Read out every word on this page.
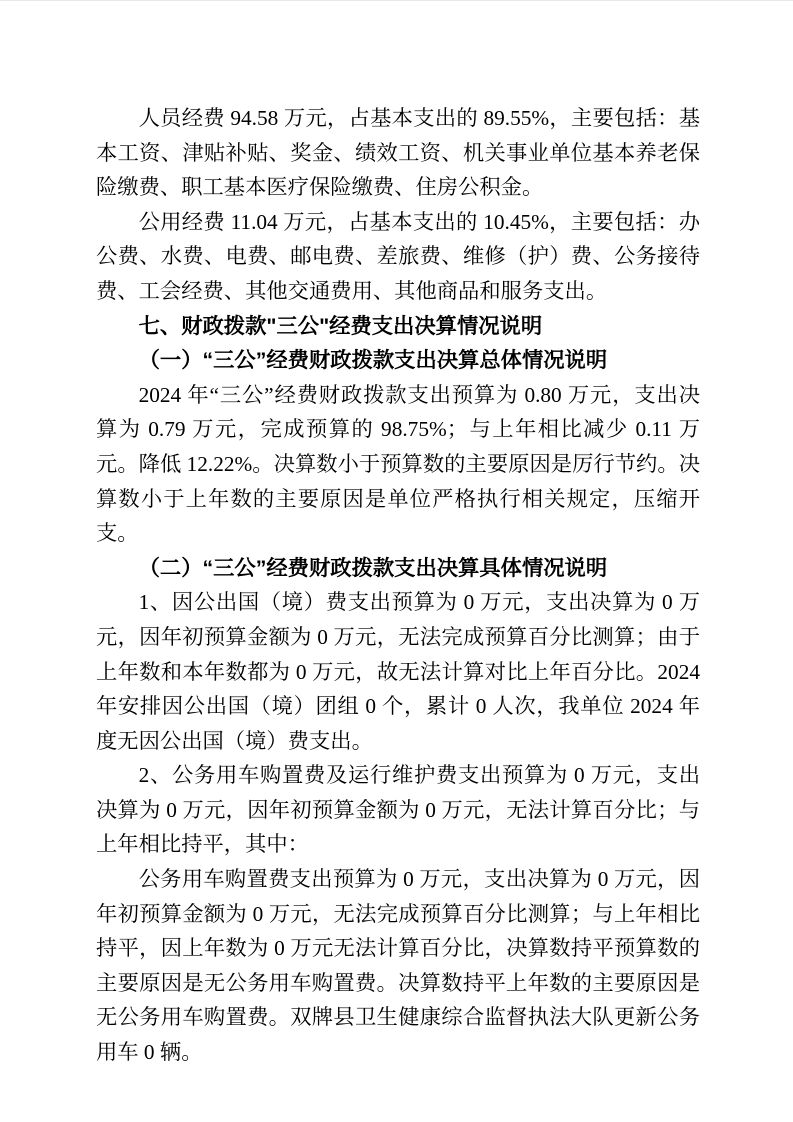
人员经费 94.58 万元，占基本支出的 89.55%，主要包括：基本工资、津贴补贴、奖金、绩效工资、机关事业单位基本养老保险缴费、职工基本医疗保险缴费、住房公积金。

公用经费 11.04 万元，占基本支出的 10.45%，主要包括：办公费、水费、电费、邮电费、差旅费、维修（护）费、公务接待费、工会经费、其他交通费用、其他商品和服务支出。

七、财政拨款"三公"经费支出决算情况说明

（一）“三公”经费财政拨款支出决算总体情况说明

2024 年“三公”经费财政拨款支出预算为 0.80 万元，支出决算为 0.79 万元，完成预算的 98.75%；与上年相比减少 0.11 万元。降低 12.22%。决算数小于预算数的主要原因是厉行节约。决算数小于上年数的主要原因是单位严格执行相关规定，压缩开支。

（二）“三公”经费财政拨款支出决算具体情况说明

1、因公出国（境）费支出预算为 0 万元，支出决算为 0 万元，因年初预算金额为 0 万元，无法完成预算百分比测算；由于上年数和本年数都为 0 万元，故无法计算对比上年百分比。2024 年安排因公出国（境）团组 0 个，累计 0 人次，我单位 2024 年度无因公出国（境）费支出。

2、公务用车购置费及运行维护费支出预算为 0 万元，支出决算为 0 万元，因年初预算金额为 0 万元，无法计算百分比；与上年相比持平，其中：

公务用车购置费支出预算为 0 万元，支出决算为 0 万元，因年初预算金额为 0 万元，无法完成预算百分比测算；与上年相比持平，因上年数为 0 万元无法计算百分比，决算数持平预算数的主要原因是无公务用车购置费。决算数持平上年数的主要原因是无公务用车购置费。双牌县卫生健康综合监督执法大队更新公务用车 0 辆。
